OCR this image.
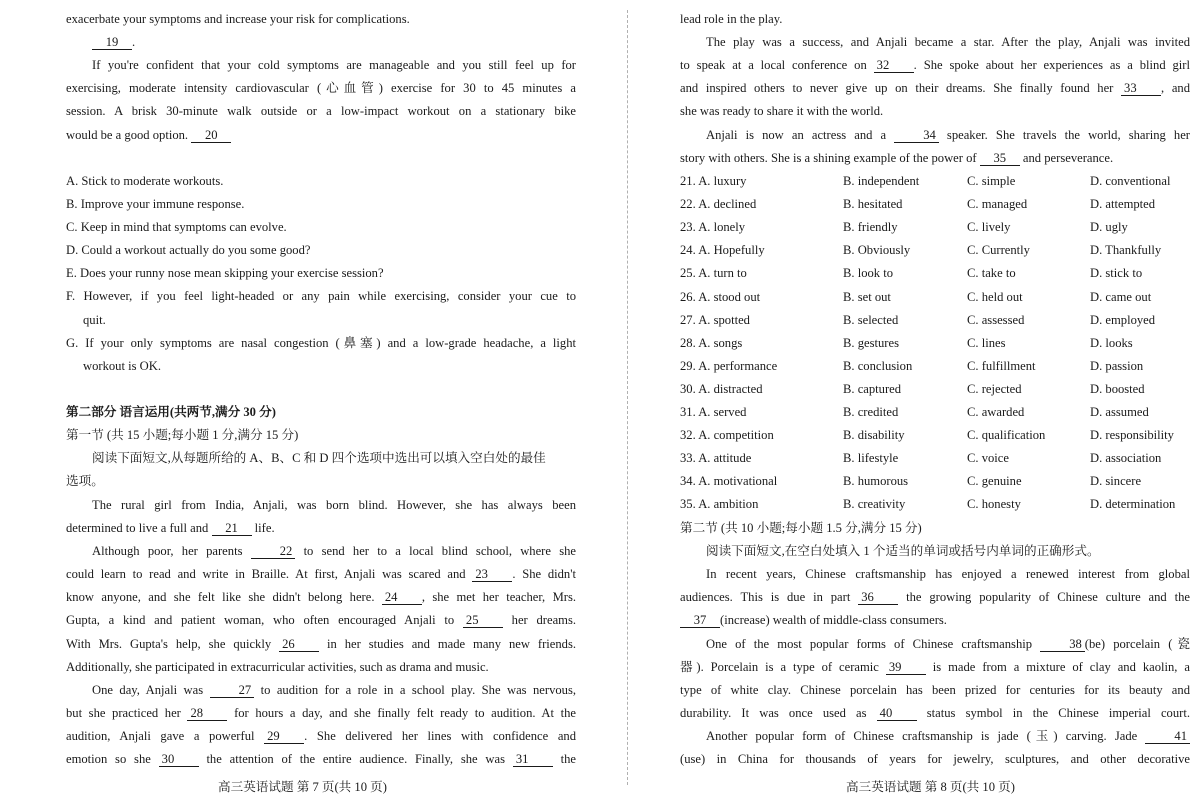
exacerbate your symptoms and increase your risk for complications.
19 .
If you're confident that your cold symptoms are manageable and you still feel up for
exercising, moderate intensity cardiovascular (心血管) exercise for 30 to 45 minutes a
session. A brisk 30-minute walk outside or a low-impact workout on a stationary bike
would be a good option. 20
A. Stick to moderate workouts.
B. Improve your immune response.
C. Keep in mind that symptoms can evolve.
D. Could a workout actually do you some good?
E. Does your runny nose mean skipping your exercise session?
F. However, if you feel light-headed or any pain while exercising, consider your cue to
quit.
G. If your only symptoms are nasal congestion (鼻塞) and a low-grade headache, a light
workout is OK.
第二部分 语言运用(共两节,满分 30 分)
第一节 (共 15 小题;每小题 1 分,满分 15 分)
阅读下面短文,从每题所给的 A、B、C 和 D 四个选项中选出可以填入空白处的最佳
选项。
The rural girl from India, Anjali, was born blind. However, she has always been
determined to live a full and 21 life.
Although poor, her parents	22 to send her to a local blind school, where she
could learn to read and write in Braille. At first, Anjali was scared and 23 . She didn't
know anyone, and she felt like she didn't belong here. 24 , she met her teacher, Mrs.
Gupta, a kind and patient woman, who often encouraged Anjali to 25	her dreams.
With Mrs. Gupta's help, she quickly 26	in her studies and made many new friends.
Additionally, she participated in extracurricular activities, such as drama and music.
One day, Anjali was	27 to audition for a role in a school play. She was nervous,
but she practiced her 28 for hours a day, and she finally felt ready to audition. At the
audition, Anjali gave a powerful 29 . She delivered her lines with confidence and
emotion so she 30	the attention of the entire audience. Finally, she was 31	the
高三英语试题 第 7 页(共 10 页)
lead role in the play.
The play was a success, and Anjali became a star. After the play, Anjali was invited
to speak at a local conference on 32 . She spoke about her experiences as a blind girl
and inspired others to never give up on their dreams. She finally found her 33 , and
she was ready to share it with the world.
Anjali is now an actress and a	34 speaker. She travels the world, sharing her
story with others. She is a shining example of the power of 35 and perseverance.
21. A. luxury	B. independent	C. simple	D. conventional
22. A. declined	B. hesitated	C. managed	D. attempted
23. A. lonely	B. friendly	C. lively	D. ugly
24. A. Hopefully	B. Obviously	C. Currently	D. Thankfully
25. A. turn to	B. look to	C. take to	D. stick to
26. A. stood out	B. set out	C. held out	D. came out
27. A. spotted	B. selected	C. assessed	D. employed
28. A. songs	B. gestures	C. lines	D. looks
29. A. performance	B. conclusion	C. fulfillment	D. passion
30. A. distracted	B. captured	C. rejected	D. boosted
31. A. served	B. credited	C. awarded	D. assumed
32. A. competition	B. disability	C. qualification	D. responsibility
33. A. attitude	B. lifestyle	C. voice	D. association
34. A. motivational	B. humorous	C. genuine	D. sincere
35. A. ambition	B. creativity	C. honesty	D. determination
第二节 (共 10 小题;每小题 1.5 分,满分 15 分)
阅读下面短文,在空白处填入 1 个适当的单词或括号内单词的正确形式。
In recent years, Chinese craftsmanship has enjoyed a renewed interest from global
audiences. This is due in part 36	the growing popularity of Chinese culture and the
37 (increase) wealth of middle-class consumers.
One of the most popular forms of Chinese craftsmanship	38 (be) porcelain (瓷
器). Porcelain is a type of ceramic 39 is made from a mixture of clay and kaolin, a
type of white clay. Chinese porcelain has been prized for centuries for its beauty and
durability. It was once used as 40	status symbol in the Chinese imperial court.
Another popular form of Chinese craftsmanship is jade (玉) carving. Jade	41
(use) in China for thousands of years for jewelry, sculptures, and other decorative
高三英语试题 第 8 页(共 10 页)
